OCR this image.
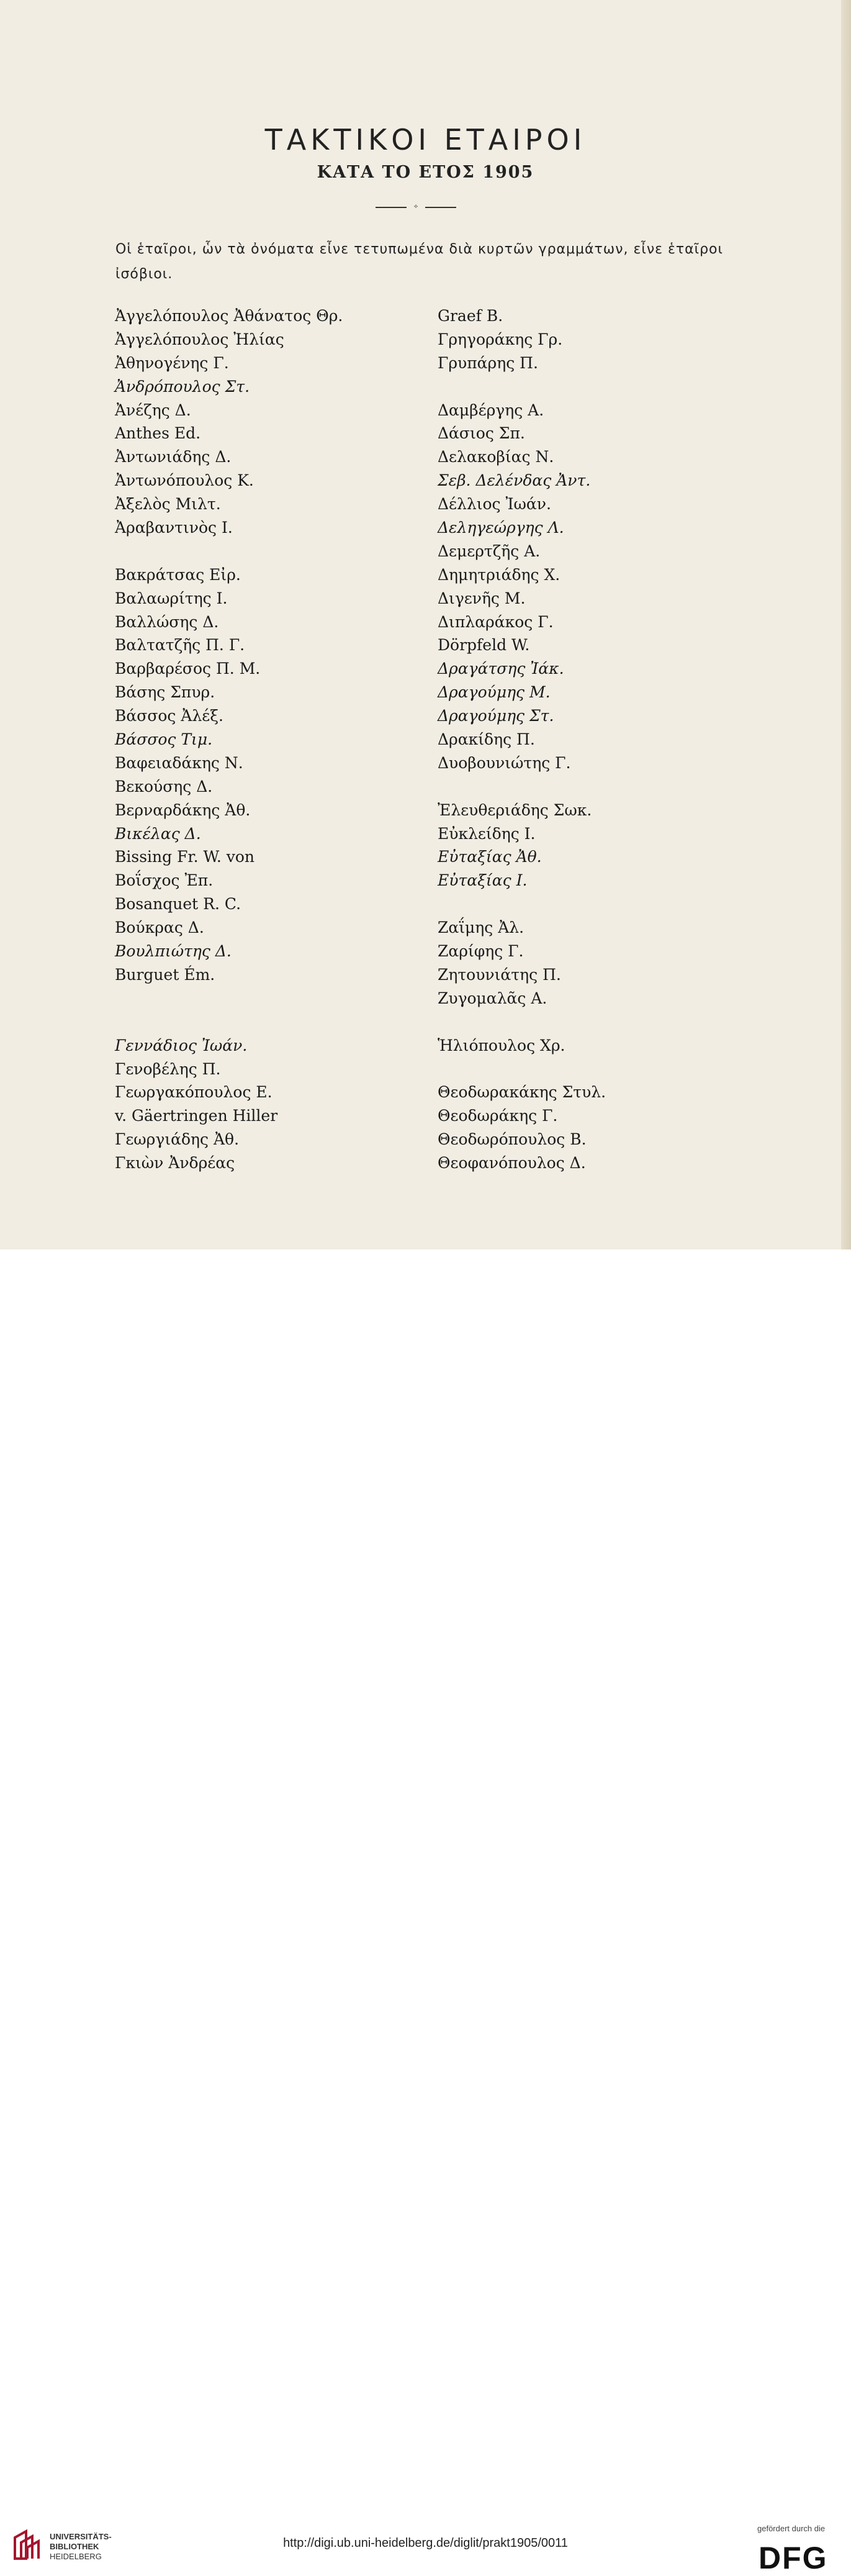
ΤΑΚΤΙΚΟΙ ΕΤΑΙΡΟΙ
ΚΑΤΑ ΤΟ ΕΤΟΣ 1905
⟡

Οἱ ἑταῖροι, ὧν τὰ ὀνόματα εἶνε τετυπωμένα διὰ κυρτῶν γραμμάτων, εἶνε ἑταῖροι ἰσόβιοι.

Ἀγγελόπουλος Ἀθάνατος Θρ.
Ἀγγελόπουλος Ἠλίας
Ἀθηνογένης Γ.
Ἀνδρόπουλος Στ.
Ἀνέζης Δ.
Anthes Ed.
Ἀντωνιάδης Δ.
Ἀντωνόπουλος Κ.
Ἀξελὸς Μιλτ.
Ἀραβαντινὸς Ι.
Βακράτσας Εἰρ.
Βαλαωρίτης Ι.
Βαλλώσης Δ.
Βαλτατζῆς Π. Γ.
Βαρβαρέσος Π. Μ.
Βάσης Σπυρ.
Βάσσος Ἀλέξ.
Βάσσος Τιμ.
Βαφειαδάκης Ν.
Βεκούσης Δ.
Βερναρδάκης Ἀθ.
Βικέλας Δ.
Bissing Fr. W. von
Βοΐσχος Ἐπ.
Bosanquet R. C.
Βούκρας Δ.
Βουλπιώτης Δ.
Burguet Ém.
Γεννάδιος Ἰωάν.
Γενοβέλης Π.
Γεωργακόπουλος Ε.
v. Gäertringen Hiller
Γεωργιάδης Ἀθ.
Γκιὼν Ἀνδρέας
Graef B.
Γρηγοράκης Γρ.
Γρυπάρης Π.
Δαμβέργης Α.
Δάσιος Σπ.
Δελακοβίας Ν.
Σεβ. Δελένδας Ἀντ.
Δέλλιος Ἰωάν.
Δεληγεώργης Λ.
Δεμερτζῆς Α.
Δημητριάδης Χ.
Διγενῆς Μ.
Διπλαράκος Γ.
Dörpfeld W.
Δραγάτσης Ἰάκ.
Δραγούμης Μ.
Δραγούμης Στ.
Δρακίδης Π.
Δυοβουνιώτης Γ.
Ἐλευθεριάδης Σωκ.
Εὐκλείδης Ι.
Εὐταξίας Ἀθ.
Εὐταξίας Ι.
Ζαΐμης Ἀλ.
Ζαρίφης Γ.
Ζητουνιάτης Π.
Ζυγομαλᾶς Α.
Ἡλιόπουλος Χρ.
Θεοδωρακάκης Στυλ.
Θεοδωράκης Γ.
Θεοδωρόπουλος Β.
Θεοφανόπουλος Δ.
UNIVERSITÄTS-
BIBLIOTHEK
HEIDELBERG
http://digi.ub.uni-heidelberg.de/diglit/prakt1905/0011
gefördert durch die
DFG
